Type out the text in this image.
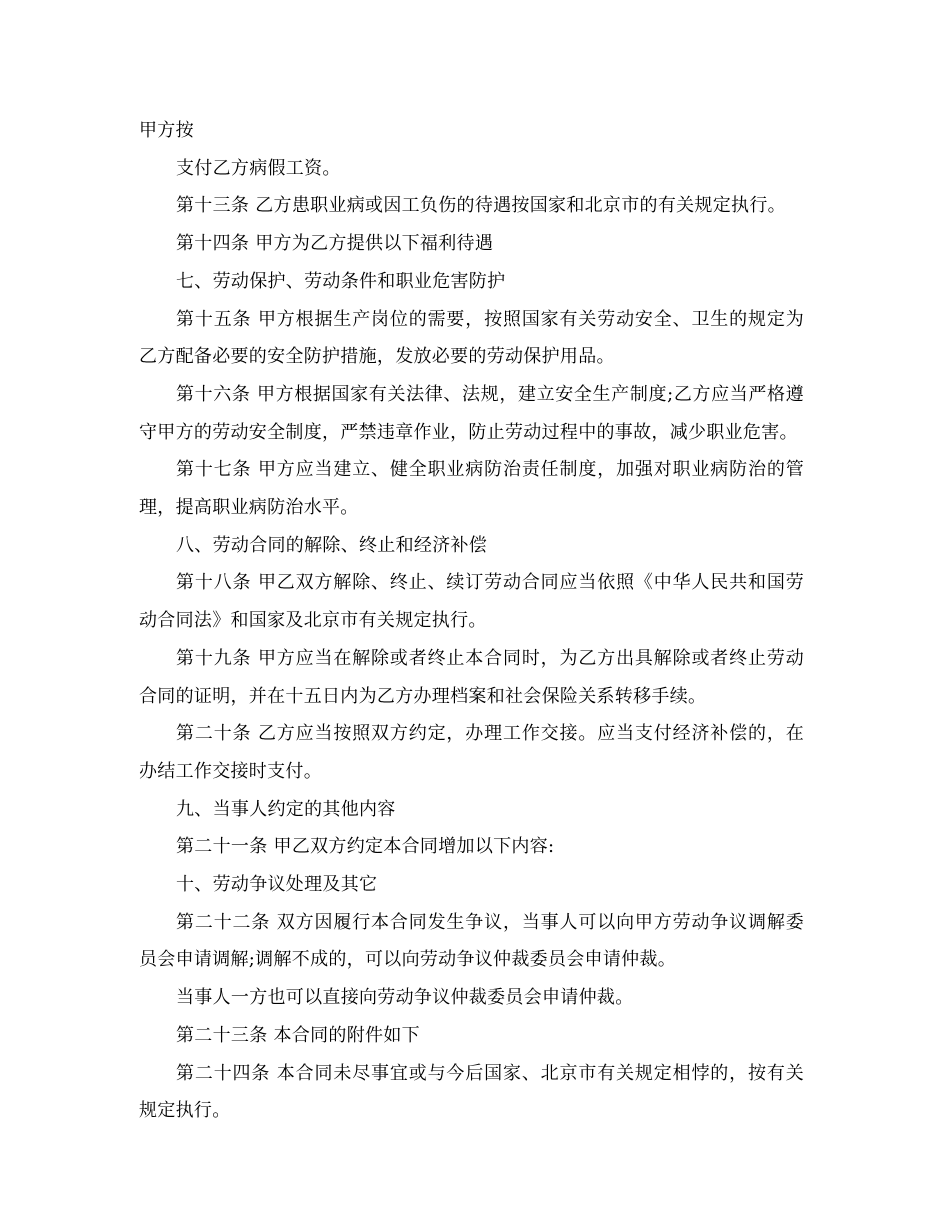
甲方按

支付乙方病假工资。

第十三条 乙方患职业病或因工负伤的待遇按国家和北京市的有关规定执行。

第十四条 甲方为乙方提供以下福利待遇

七、劳动保护、劳动条件和职业危害防护

第十五条 甲方根据生产岗位的需要，按照国家有关劳动安全、卫生的规定为乙方配备必要的安全防护措施，发放必要的劳动保护用品。

第十六条 甲方根据国家有关法律、法规，建立安全生产制度;乙方应当严格遵守甲方的劳动安全制度，严禁违章作业，防止劳动过程中的事故，减少职业危害。

第十七条 甲方应当建立、健全职业病防治责任制度，加强对职业病防治的管理，提高职业病防治水平。

八、劳动合同的解除、终止和经济补偿

第十八条 甲乙双方解除、终止、续订劳动合同应当依照《中华人民共和国劳动合同法》和国家及北京市有关规定执行。

第十九条 甲方应当在解除或者终止本合同时，为乙方出具解除或者终止劳动合同的证明，并在十五日内为乙方办理档案和社会保险关系转移手续。

第二十条 乙方应当按照双方约定，办理工作交接。应当支付经济补偿的，在办结工作交接时支付。

九、当事人约定的其他内容

第二十一条 甲乙双方约定本合同增加以下内容:

十、劳动争议处理及其它

第二十二条 双方因履行本合同发生争议，当事人可以向甲方劳动争议调解委员会申请调解;调解不成的，可以向劳动争议仲裁委员会申请仲裁。

当事人一方也可以直接向劳动争议仲裁委员会申请仲裁。

第二十三条 本合同的附件如下

第二十四条 本合同未尽事宜或与今后国家、北京市有关规定相悖的，按有关规定执行。
